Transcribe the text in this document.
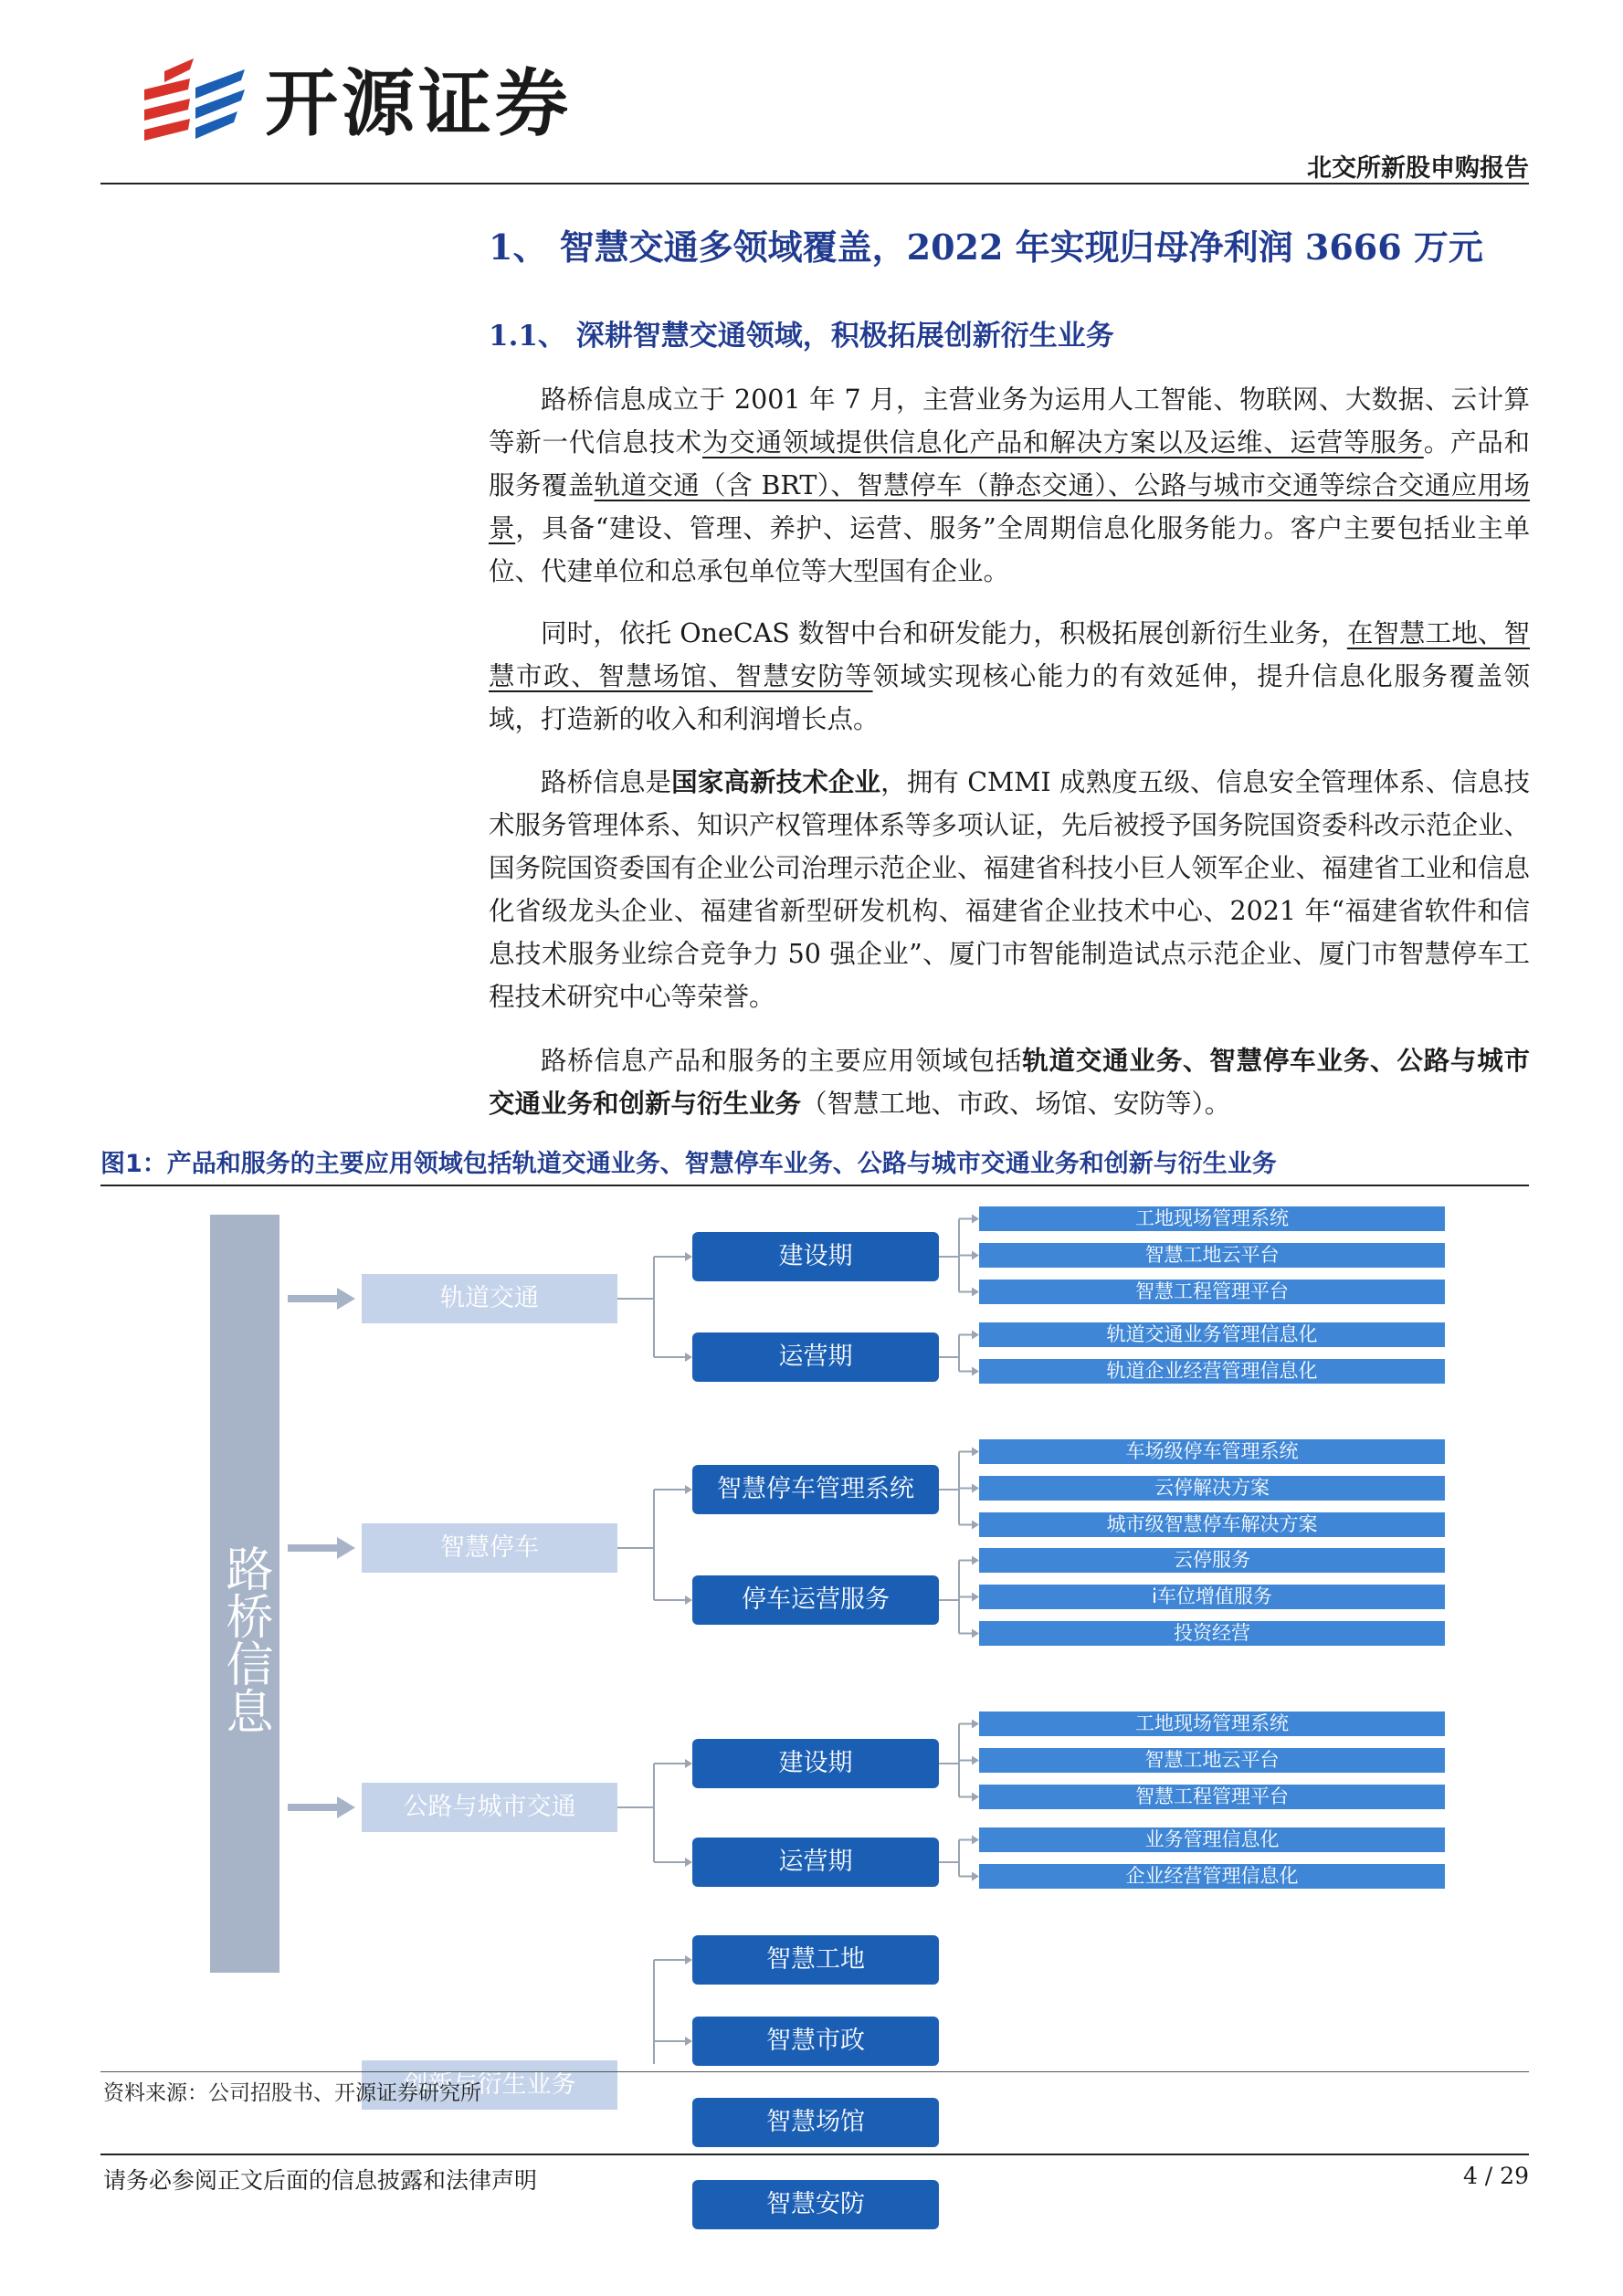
开源证券
北交所新股申购报告
1、 智慧交通多领域覆盖，2022 年实现归母净利润 3666 万元
1.1、 深耕智慧交通领域，积极拓展创新衍生业务

路桥信息成立于 2001 年 7 月，主营业务为运用人工智能、物联网、大数据、云计算等新一代信息技术为交通领域提供信息化产品和解决方案以及运维、运营等服务。产品和服务覆盖轨道交通（含 BRT）、智慧停车（静态交通）、公路与城市交通等综合交通应用场景，具备“建设、管理、养护、运营、服务”全周期信息化服务能力。客户主要包括业主单位、代建单位和总承包单位等大型国有企业。

同时，依托 OneCAS 数智中台和研发能力，积极拓展创新衍生业务，在智慧工地、智慧市政、智慧场馆、智慧安防等领域实现核心能力的有效延伸，提升信息化服务覆盖领域，打造新的收入和利润增长点。

路桥信息是国家高新技术企业，拥有 CMMI 成熟度五级、信息安全管理体系、信息技术服务管理体系、知识产权管理体系等多项认证，先后被授予国务院国资委科改示范企业、国务院国资委国有企业公司治理示范企业、福建省科技小巨人领军企业、福建省工业和信息化省级龙头企业、福建省新型研发机构、福建省企业技术中心、2021 年“福建省软件和信息技术服务业综合竞争力 50 强企业”、厦门市智能制造试点示范企业、厦门市智慧停车工程技术研究中心等荣誉。

路桥信息产品和服务的主要应用领域包括轨道交通业务、智慧停车业务、公路与城市交通业务和创新与衍生业务（智慧工地、市政、场馆、安防等）。

图1：产品和服务的主要应用领域包括轨道交通业务、智慧停车业务、公路与城市交通业务和创新与衍生业务
路桥信息
轨道交通
建设期
工地现场管理系统
智慧工地云平台
智慧工程管理平台
运营期
轨道交通业务管理信息化
轨道企业经营管理信息化
智慧停车
智慧停车管理系统
车场级停车管理系统
云停解决方案
城市级智慧停车解决方案
停车运营服务
云停服务
i车位增值服务
投资经营
公路与城市交通
建设期
工地现场管理系统
智慧工地云平台
智慧工程管理平台
运营期
业务管理信息化
企业经营管理信息化
创新与衍生业务
智慧工地
智慧市政
智慧场馆
智慧安防
资料来源：公司招股书、开源证券研究所
请务必参阅正文后面的信息披露和法律声明	4 / 29
